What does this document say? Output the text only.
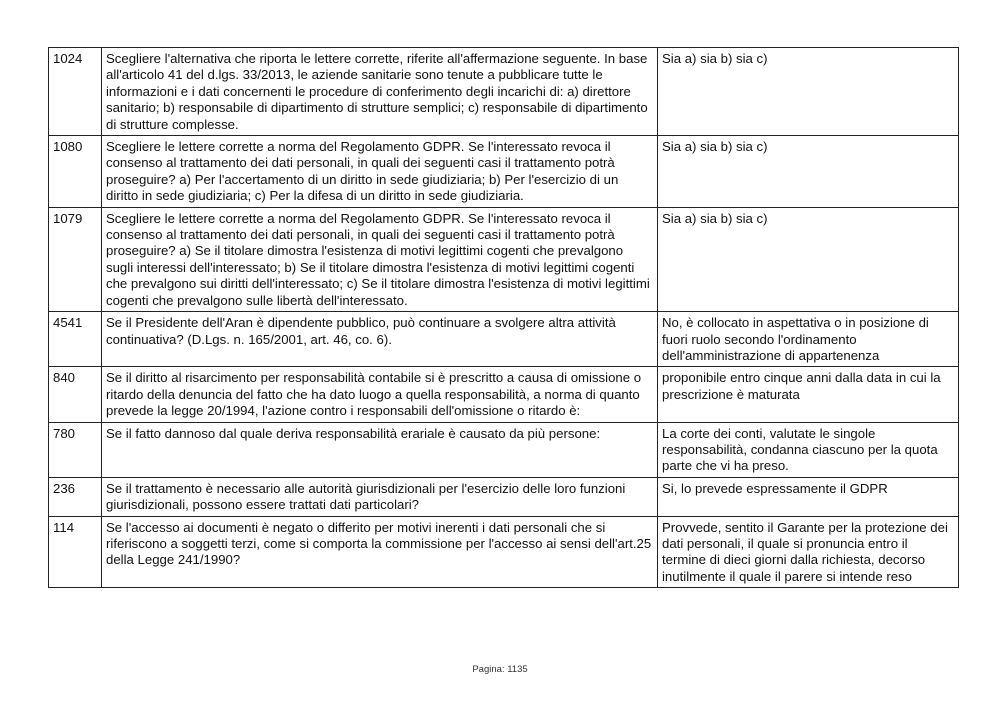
1024	Scegliere l'alternativa che riporta le lettere corrette, riferite all'affermazione seguente. In base all'articolo 41 del d.lgs. 33/2013, le aziende sanitarie sono tenute a pubblicare tutte le informazioni e i dati concernenti le procedure di conferimento degli incarichi di: a) direttore sanitario; b) responsabile di dipartimento di strutture semplici; c) responsabile di dipartimento di strutture complesse.	Sia a) sia b) sia c)
1080	Scegliere le lettere corrette a norma del Regolamento GDPR. Se l'interessato revoca il consenso al trattamento dei dati personali, in quali dei seguenti casi il trattamento potrà proseguire? a) Per l'accertamento di un diritto in sede giudiziaria; b) Per l'esercizio di un diritto in sede giudiziaria; c) Per la difesa di un diritto in sede giudiziaria.	Sia a) sia b) sia c)
1079	Scegliere le lettere corrette a norma del Regolamento GDPR. Se l'interessato revoca il consenso al trattamento dei dati personali, in quali dei seguenti casi il trattamento potrà proseguire? a) Se il titolare dimostra l'esistenza di motivi legittimi cogenti che prevalgono sugli interessi dell'interessato; b) Se il titolare dimostra l'esistenza di motivi legittimi cogenti che prevalgono sui diritti dell'interessato; c) Se il titolare dimostra l'esistenza di motivi legittimi cogenti che prevalgono sulle libertà dell'interessato.	Sia a) sia b) sia c)
4541	Se il Presidente dell'Aran è dipendente pubblico, può continuare a svolgere altra attività continuativa? (D.Lgs. n. 165/2001, art. 46, co. 6).	No, è collocato in aspettativa o in posizione di fuori ruolo secondo l'ordinamento dell'amministrazione di appartenenza
840	Se il diritto al risarcimento per responsabilità contabile si è prescritto a causa di omissione o ritardo della denuncia del fatto che ha dato luogo a quella responsabilità, a norma di quanto prevede la legge 20/1994, l'azione contro i responsabili dell'omissione o ritardo è:	proponibile entro cinque anni dalla data in cui la prescrizione è maturata
780	Se il fatto dannoso dal quale deriva responsabilità erariale è causato da più persone:	La corte dei conti, valutate le singole responsabilità, condanna ciascuno per la quota parte che vi ha preso.
236	Se il trattamento è necessario alle autorità giurisdizionali per l'esercizio delle loro funzioni giurisdizionali, possono essere trattati dati particolari?	Si, lo prevede espressamente il GDPR
114	Se l'accesso ai documenti è negato o differito per motivi inerenti i dati personali che si riferiscono a soggetti terzi, come si comporta la commissione per l'accesso ai sensi dell'art.25 della Legge 241/1990?	Provvede, sentito il Garante per la protezione dei dati personali, il quale si pronuncia entro il termine di dieci giorni dalla richiesta, decorso inutilmente il quale il parere si intende reso
Pagina: 1135
